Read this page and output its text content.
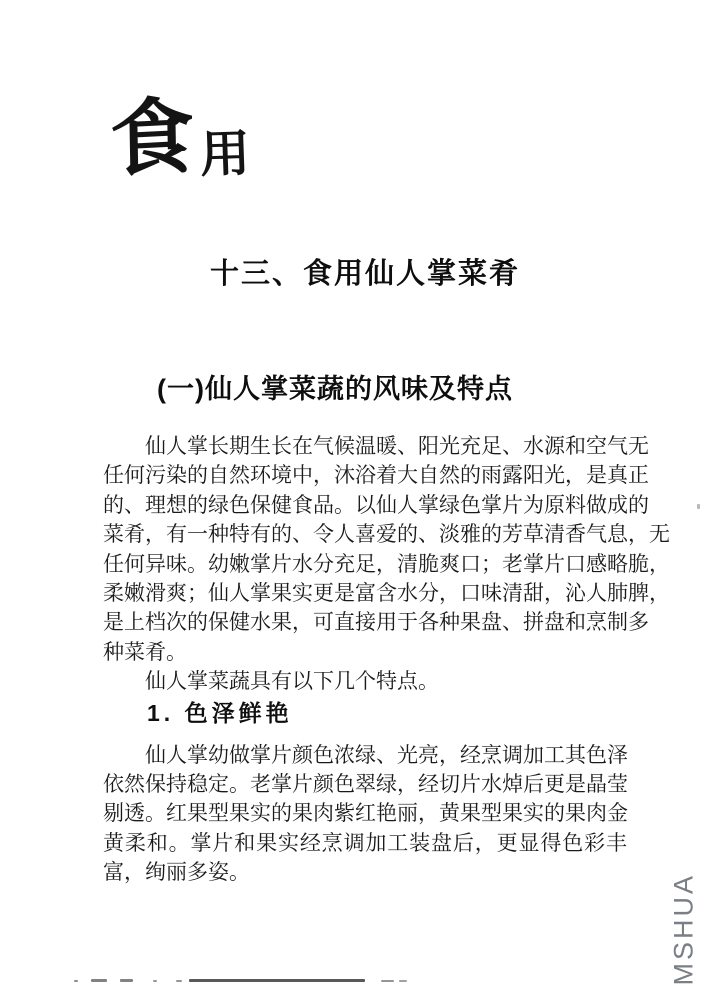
食 用
十三、食用仙人掌菜肴
(一)仙人掌菜蔬的风味及特点
仙人掌长期生长在气候温暖、阳光充足、水源和空气无
任何污染的自然环境中，沐浴着大自然的雨露阳光，是真正
的、理想的绿色保健食品。以仙人掌绿色掌片为原料做成的
菜肴，有一种特有的、令人喜爱的、淡雅的芳草清香气息，无
任何异味。幼嫩掌片水分充足，清脆爽口；老掌片口感略脆，
柔嫩滑爽；仙人掌果实更是富含水分，口味清甜，沁人肺脾，
是上档次的保健水果，可直接用于各种果盘、拼盘和烹制多
种菜肴。
仙人掌菜蔬具有以下几个特点。
1. 色泽鲜艳
仙人掌幼做掌片颜色浓绿、光亮，经烹调加工其色泽
依然保持稳定。老掌片颜色翠绿，经切片水焯后更是晶莹
剔透。红果型果实的果肉紫红艳丽，黄果型果实的果肉金
黄柔和。掌片和果实经烹调加工装盘后，更显得色彩丰
富，绚丽多姿。
MSHUA
